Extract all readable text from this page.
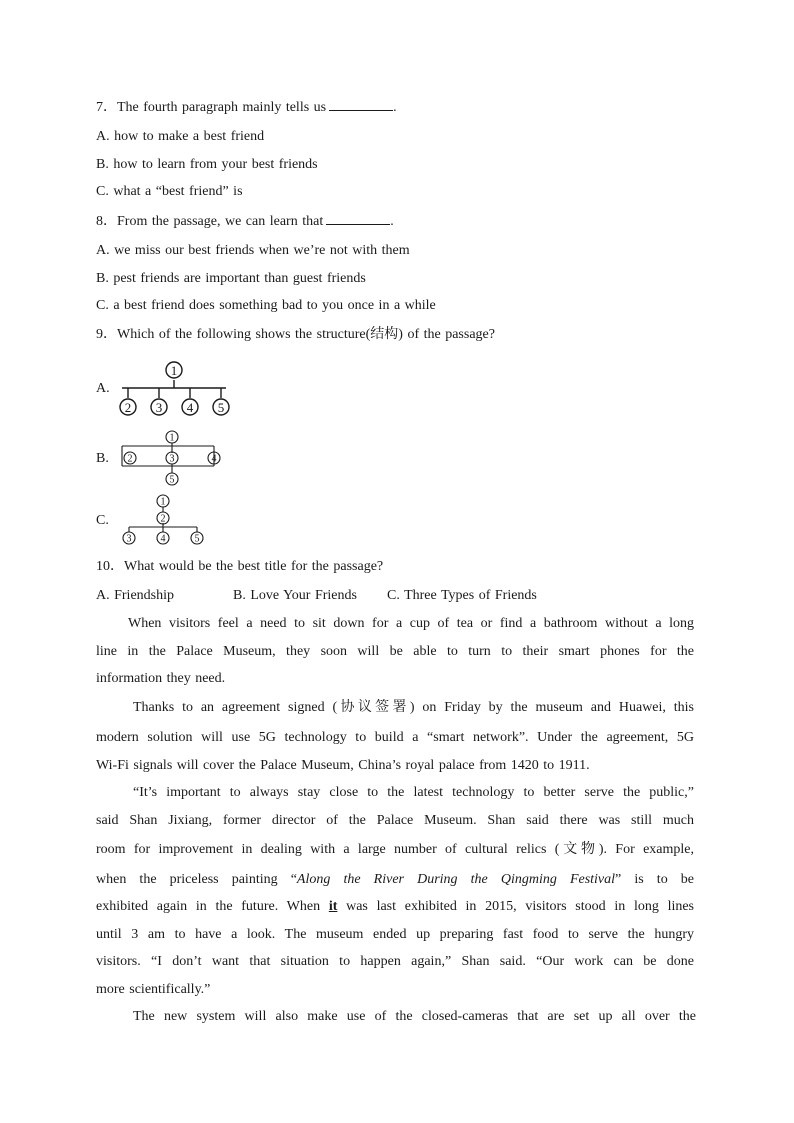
7．The fourth paragraph mainly tells us	.
A. how to make a best friend
B. how to learn from your best friends
C. what a “best friend” is
8．From the passage, we can learn that	.
A. we miss our best friends when we’re not with them
B. pest friends are important than guest friends
C. a best friend does something bad to you once in a while
9．Which of the following shows the structure(结构) of the passage?
A.
1
2 3 4 5
B.
1
2	3	4
5
C.
1
2
3	4	5
10．What would be the best title for the passage?
A. Friendship	B. Love Your Friends C. Three Types of Friends
When visitors feel a need to sit down for a cup of tea or find a bathroom without a long
line in the Palace Museum, they soon will be able to turn to their smart phones for the
information they need.
Thanks to an agreement signed (协议签署) on Friday by the museum and Huawei, this
modern solution will use 5G technology to build a “smart network”. Under the agreement, 5G
Wi-Fi signals will cover the Palace Museum, China’s royal palace from 1420 to 1911.
“It’s important to always stay close to the latest technology to better serve the public,”
said Shan Jixiang, former director of the Palace Museum. Shan said there was still much
room for improvement in dealing with a large number of cultural relics (文物). For example,
when the priceless painting “Along the River During the Qingming Festival” is to be
exhibited again in the future. When it was last exhibited in 2015, visitors stood in long lines
until 3 am to have a look. The museum ended up preparing fast food to serve the hungry
visitors. “I don’t want that situation to happen again,” Shan said. “Our work can be done
more scientifically.”
The new system will also make use of the closed-cameras that are set up all over the
